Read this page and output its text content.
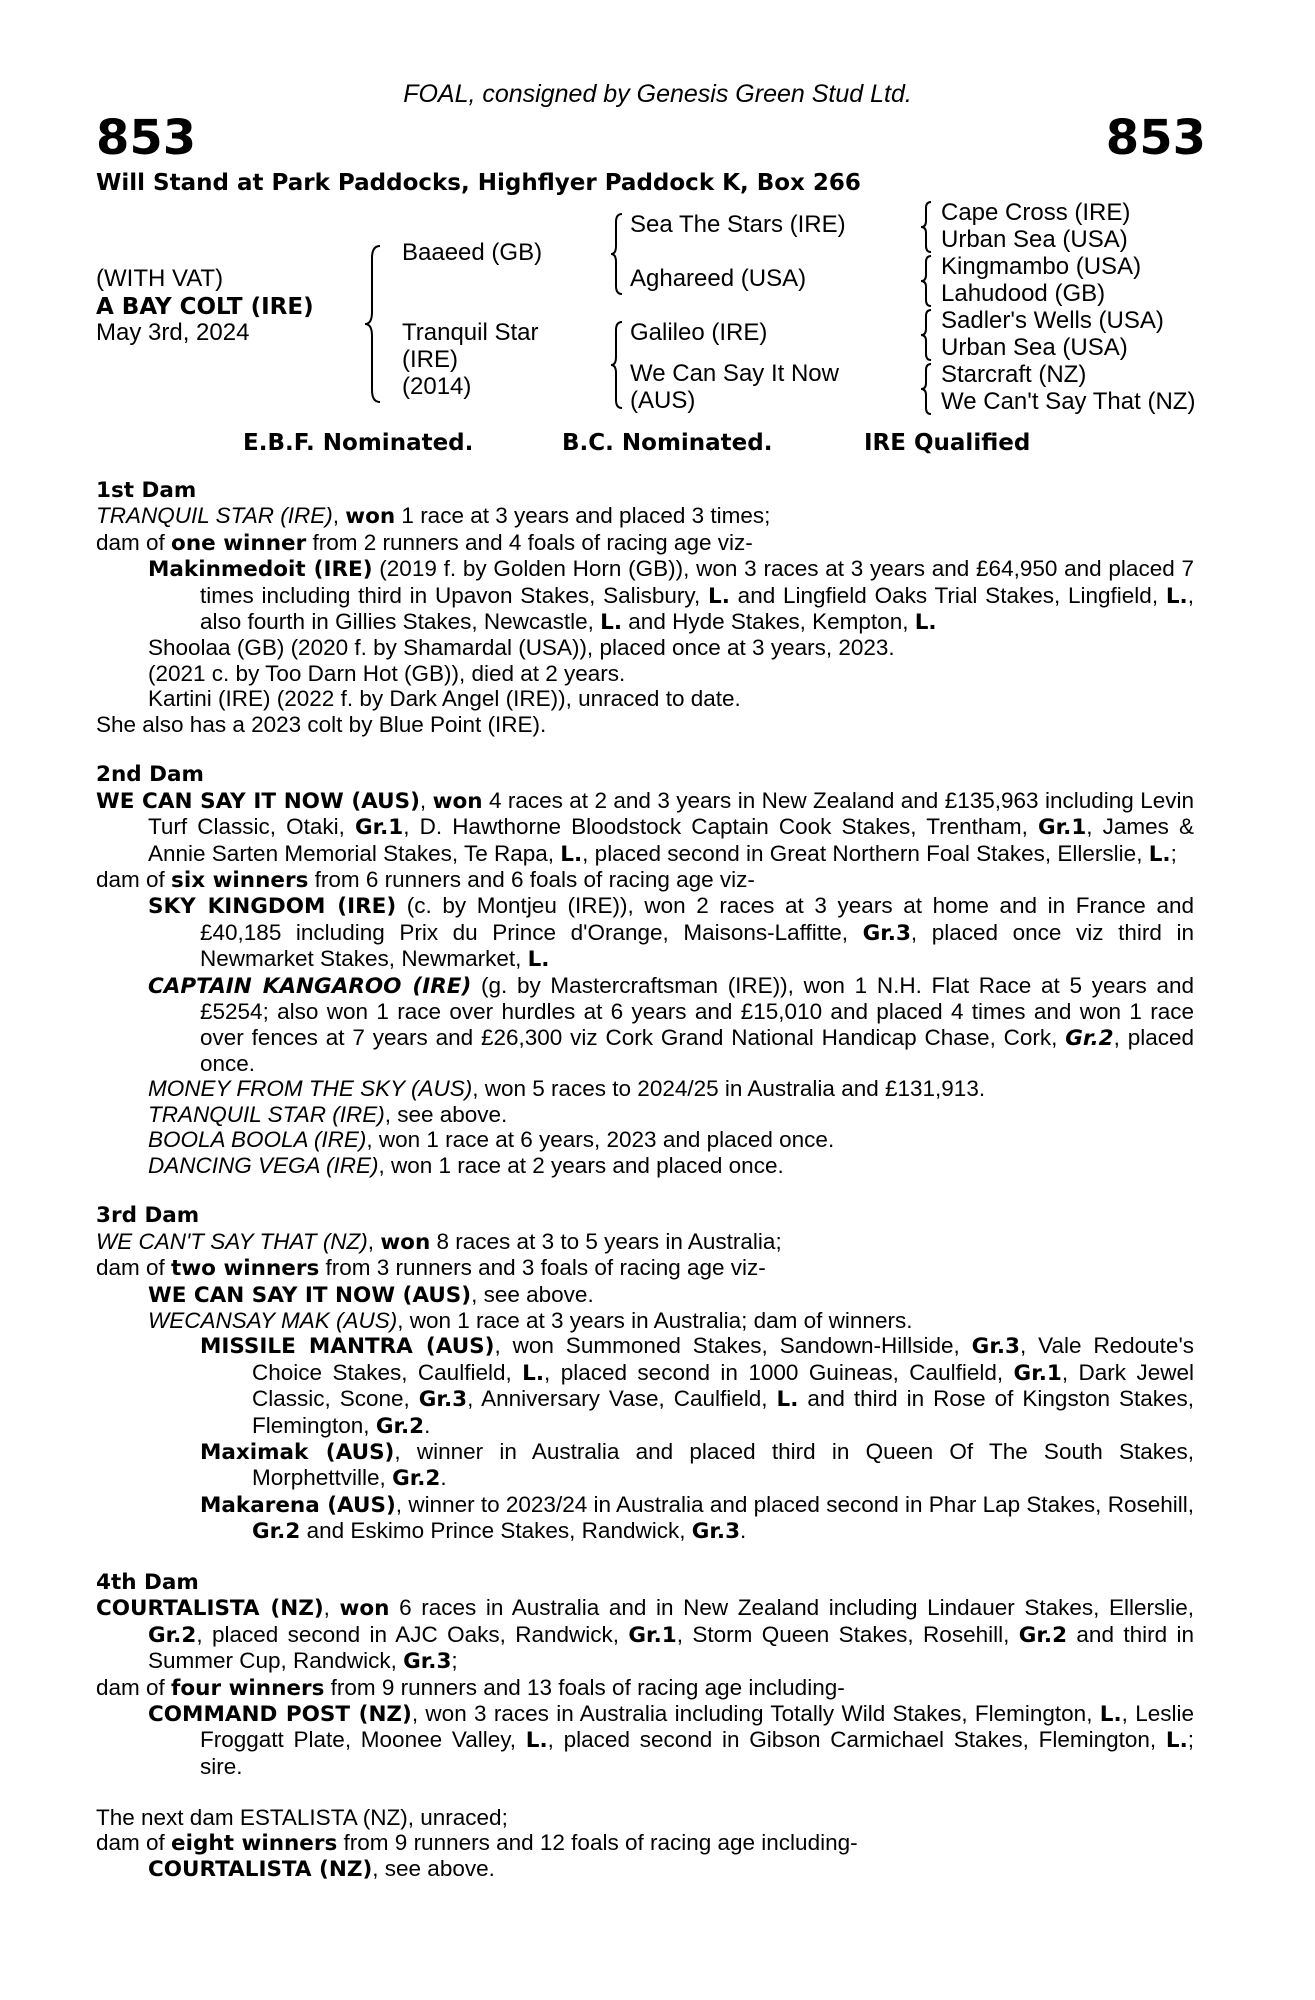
FOAL, consigned by Genesis Green Stud Ltd.
853	853
Will Stand at Park Paddocks, Highflyer Paddock K, Box 266
(WITH VAT)
A BAY COLT (IRE)
May 3rd, 2024
Baaeed (GB)
Tranquil Star
(IRE)
(2014)
Sea The Stars (IRE)
Aghareed (USA)
Galileo (IRE)
We Can Say It Now
(AUS)
Cape Cross (IRE)
Urban Sea (USA)
Kingmambo (USA)
Lahudood (GB)
Sadler's Wells (USA)
Urban Sea (USA)
Starcraft (NZ)
We Can't Say That (NZ)
E.B.F. Nominated.	B.C. Nominated.	IRE Qualified
1st Dam
TRANQUIL STAR (IRE), won 1 race at 3 years and placed 3 times;
dam of one winner from 2 runners and 4 foals of racing age viz-
Makinmedoit (IRE) (2019 f. by Golden Horn (GB)), won 3 races at 3 years and £64,950 and placed 7 times including third in Upavon Stakes, Salisbury, L. and Lingfield Oaks Trial Stakes, Lingfield, L., also fourth in Gillies Stakes, Newcastle, L. and Hyde Stakes, Kempton, L.
Shoolaa (GB) (2020 f. by Shamardal (USA)), placed once at 3 years, 2023.
(2021 c. by Too Darn Hot (GB)), died at 2 years.
Kartini (IRE) (2022 f. by Dark Angel (IRE)), unraced to date.
She also has a 2023 colt by Blue Point (IRE).
2nd Dam
WE CAN SAY IT NOW (AUS), won 4 races at 2 and 3 years in New Zealand and £135,963 including Levin Turf Classic, Otaki, Gr.1, D. Hawthorne Bloodstock Captain Cook Stakes, Trentham, Gr.1, James & Annie Sarten Memorial Stakes, Te Rapa, L., placed second in Great Northern Foal Stakes, Ellerslie, L.;
dam of six winners from 6 runners and 6 foals of racing age viz-
SKY KINGDOM (IRE) (c. by Montjeu (IRE)), won 2 races at 3 years at home and in France and £40,185 including Prix du Prince d'Orange, Maisons-Laffitte, Gr.3, placed once viz third in Newmarket Stakes, Newmarket, L.
CAPTAIN KANGAROO (IRE) (g. by Mastercraftsman (IRE)), won 1 N.H. Flat Race at 5 years and £5254; also won 1 race over hurdles at 6 years and £15,010 and placed 4 times and won 1 race over fences at 7 years and £26,300 viz Cork Grand National Handicap Chase, Cork, Gr.2, placed once.
MONEY FROM THE SKY (AUS), won 5 races to 2024/25 in Australia and £131,913.
TRANQUIL STAR (IRE), see above.
BOOLA BOOLA (IRE), won 1 race at 6 years, 2023 and placed once.
DANCING VEGA (IRE), won 1 race at 2 years and placed once.
3rd Dam
WE CAN'T SAY THAT (NZ), won 8 races at 3 to 5 years in Australia;
dam of two winners from 3 runners and 3 foals of racing age viz-
WE CAN SAY IT NOW (AUS), see above.
WECANSAY MAK (AUS), won 1 race at 3 years in Australia; dam of winners.
MISSILE MANTRA (AUS), won Summoned Stakes, Sandown-Hillside, Gr.3, Vale Redoute's Choice Stakes, Caulfield, L., placed second in 1000 Guineas, Caulfield, Gr.1, Dark Jewel Classic, Scone, Gr.3, Anniversary Vase, Caulfield, L. and third in Rose of Kingston Stakes, Flemington, Gr.2.
Maximak (AUS), winner in Australia and placed third in Queen Of The South Stakes, Morphettville, Gr.2.
Makarena (AUS), winner to 2023/24 in Australia and placed second in Phar Lap Stakes, Rosehill, Gr.2 and Eskimo Prince Stakes, Randwick, Gr.3.
4th Dam
COURTALISTA (NZ), won 6 races in Australia and in New Zealand including Lindauer Stakes, Ellerslie, Gr.2, placed second in AJC Oaks, Randwick, Gr.1, Storm Queen Stakes, Rosehill, Gr.2 and third in Summer Cup, Randwick, Gr.3;
dam of four winners from 9 runners and 13 foals of racing age including-
COMMAND POST (NZ), won 3 races in Australia including Totally Wild Stakes, Flemington, L., Leslie Froggatt Plate, Moonee Valley, L., placed second in Gibson Carmichael Stakes, Flemington, L.; sire.
The next dam ESTALISTA (NZ), unraced;
dam of eight winners from 9 runners and 12 foals of racing age including-
COURTALISTA (NZ), see above.
